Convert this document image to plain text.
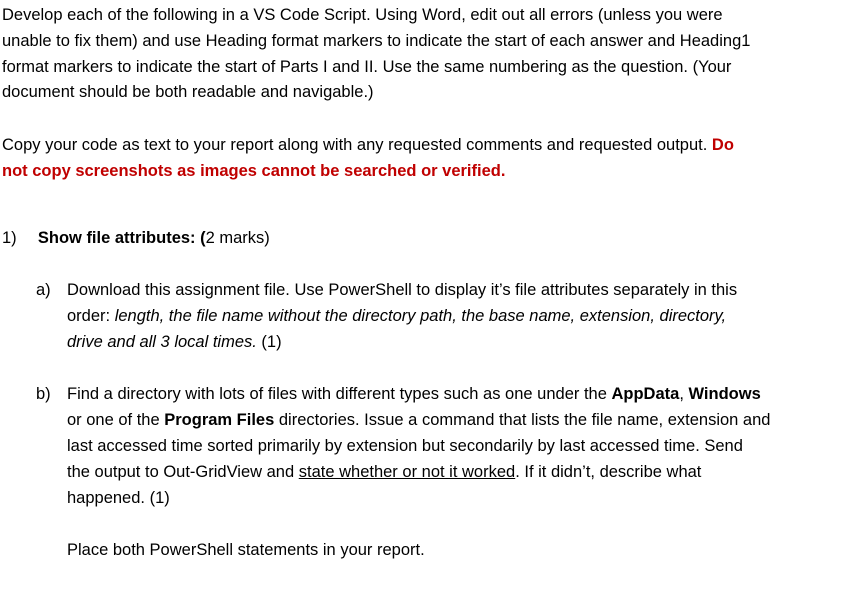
Develop each of the following in a VS Code Script. Using Word, edit out all errors (unless you were
unable to fix them) and use Heading format markers to indicate the start of each answer and Heading1
format markers to indicate the start of Parts I and II. Use the same numbering as the question. (Your
document should be both readable and navigable.)
Copy your code as text to your report along with any requested comments and requested output. Do
not copy screenshots as images cannot be searched or verified.
1) Show file attributes: (2 marks)
a) Download this assignment file. Use PowerShell to display it’s file attributes separately in this
order: length, the file name without the directory path, the base name, extension, directory,
drive and all 3 local times. (1)
b) Find a directory with lots of files with different types such as one under the AppData, Windows
or one of the Program Files directories. Issue a command that lists the file name, extension and
last accessed time sorted primarily by extension but secondarily by last accessed time. Send
the output to Out-GridView and state whether or not it worked. If it didn’t, describe what
happened. (1)
Place both PowerShell statements in your report.
